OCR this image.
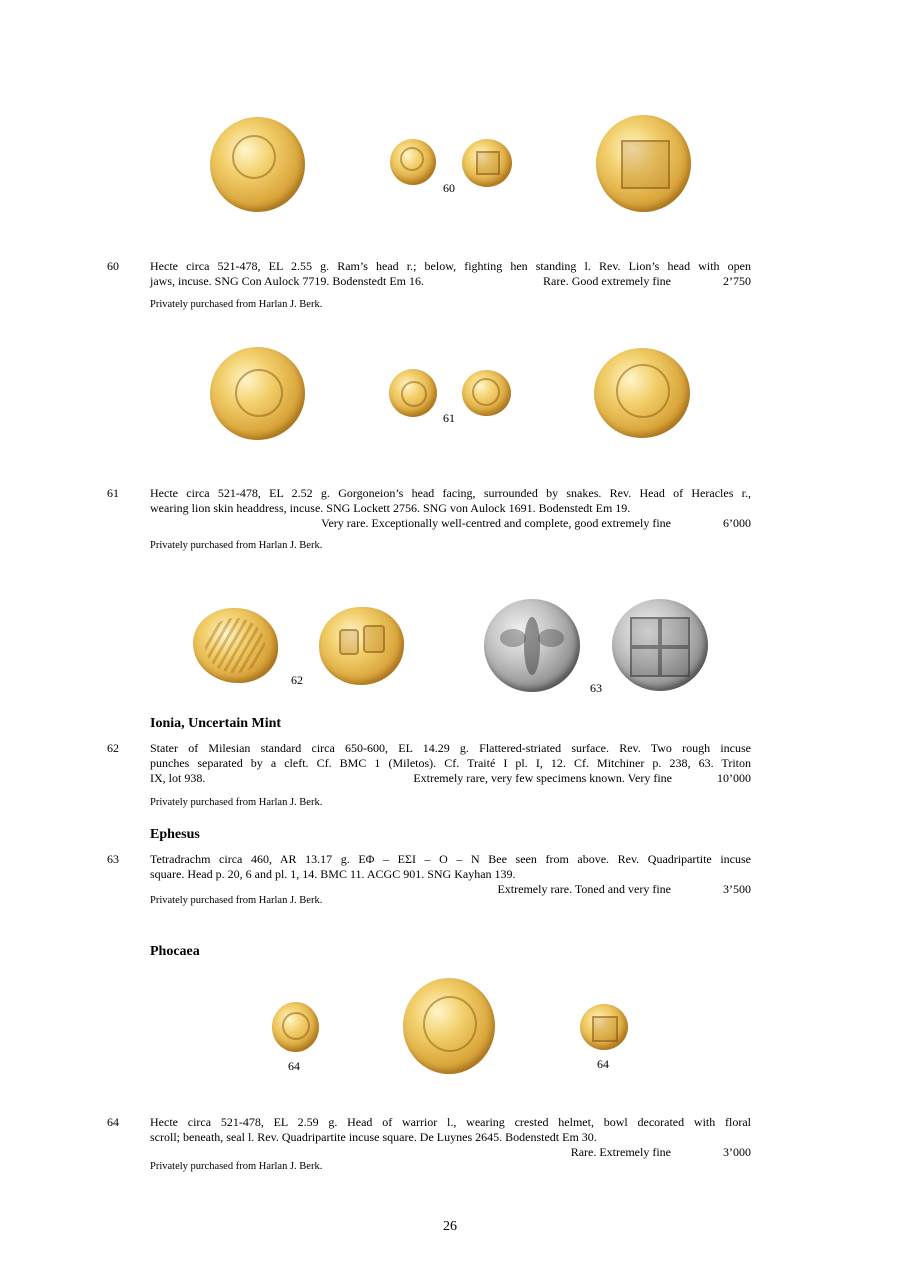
60
60	Hecte circa 521-478, EL 2.55 g. Ram’s head r.; below, fighting hen standing l. Rev. Lion’s head with open
jaws, incuse. SNG Con Aulock 7719. Bodenstedt Em 16.	Rare. Good extremely fine	2’750
Privately purchased from Harlan J. Berk.
61
61	Hecte circa 521-478, EL 2.52 g. Gorgoneion’s head facing, surrounded by snakes. Rev. Head of Heracles r.,
wearing lion skin headdress, incuse. SNG Lockett 2756. SNG von Aulock 1691. Bodenstedt Em 19.
Very rare. Exceptionally well-centred and complete, good extremely fine	6’000
Privately purchased from Harlan J. Berk.
62
63
Ionia, Uncertain Mint
62	Stater of Milesian standard circa 650-600, EL 14.29 g. Flattered-striated surface. Rev. Two rough incuse
punches separated by a cleft. Cf. BMC 1 (Miletos). Cf. Traité I pl. I, 12. Cf. Mitchiner p. 238, 63. Triton
IX, lot 938.	Extremely rare, very few specimens known. Very fine	10’000
Privately purchased from Harlan J. Berk.
Ephesus
63	Tetradrachm circa 460, AR 13.17 g. ΕΦ – ΕΣΙ – Ο – Ν Bee seen from above. Rev. Quadripartite incuse
square. Head p. 20, 6 and pl. 1, 14. BMC 11. ACGC 901. SNG Kayhan 139.
Extremely rare. Toned and very fine	3’500
Privately purchased from Harlan J. Berk.
Phocaea
64	64
64	Hecte circa 521-478, EL 2.59 g. Head of warrior l., wearing crested helmet, bowl decorated with floral
scroll; beneath, seal l. Rev. Quadripartite incuse square. De Luynes 2645. Bodenstedt Em 30.
Rare. Extremely fine	3’000
Privately purchased from Harlan J. Berk.
26
